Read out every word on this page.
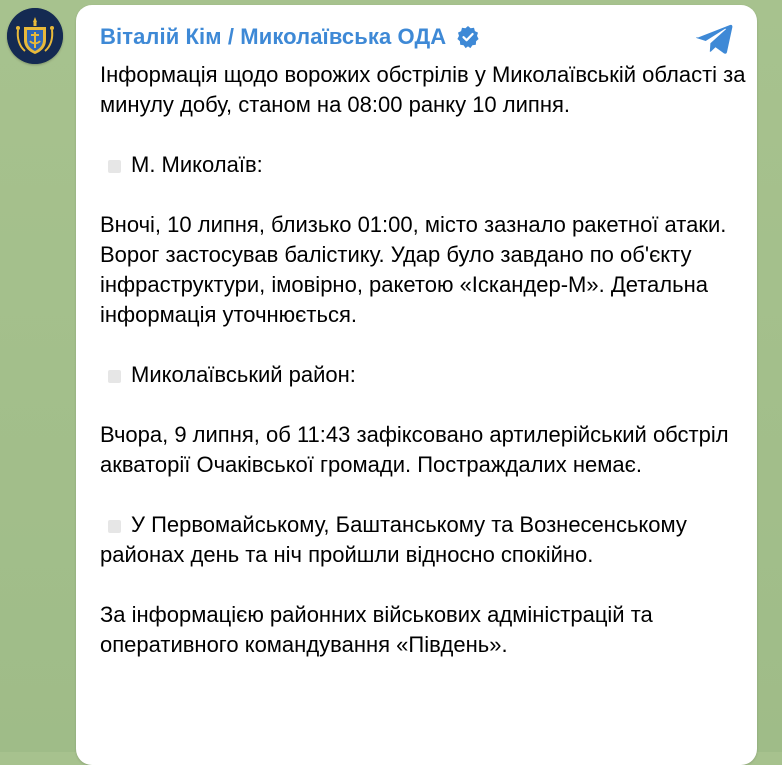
Віталій Кім / Миколаївська ОДА

Інформація щодо ворожих обстрілів у Миколаївській області за минулу добу, станом на 08:00 ранку 10 липня.

М. Миколаїв:

Вночі, 10 липня, близько 01:00, місто зазнало ракетної атаки. Ворог застосував балістику. Удар було завдано по об'єкту інфраструктури, імовірно, ракетою «Іскандер-М». Детальна інформація уточнюється.

Миколаївський район:

Вчора, 9 липня, об 11:43 зафіксовано артилерійський обстріл акваторії Очаківської громади. Постраждалих немає.

У Первомайському, Баштанському та Вознесенському районах день та ніч пройшли відносно спокійно.

За інформацією районних військових адміністрацій та оперативного командування «Південь».
